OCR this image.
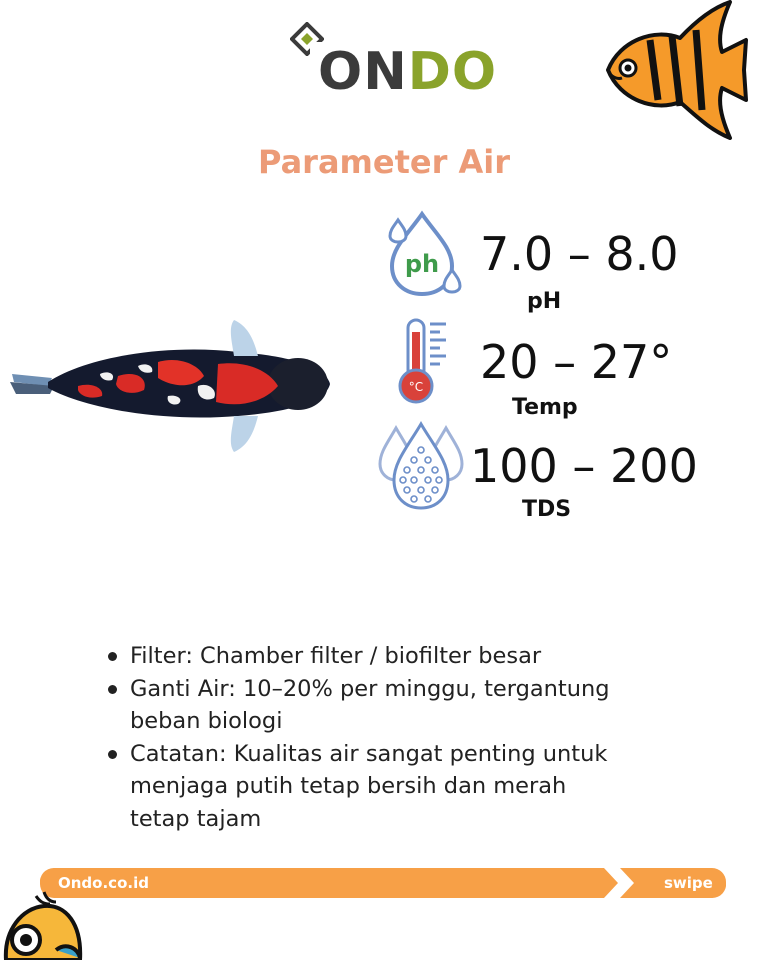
ONDO
Parameter Air
ph
°C
7.0 – 8.0
pH
20 – 27°
Temp
100 – 200
TDS
Filter: Chamber filter / biofilter besar
Ganti Air: 10–20% per minggu, tergantung beban biologi
Catatan: Kualitas air sangat penting untuk menjaga putih tetap bersih dan merah tetap tajam
Ondo.co.id	swipe
